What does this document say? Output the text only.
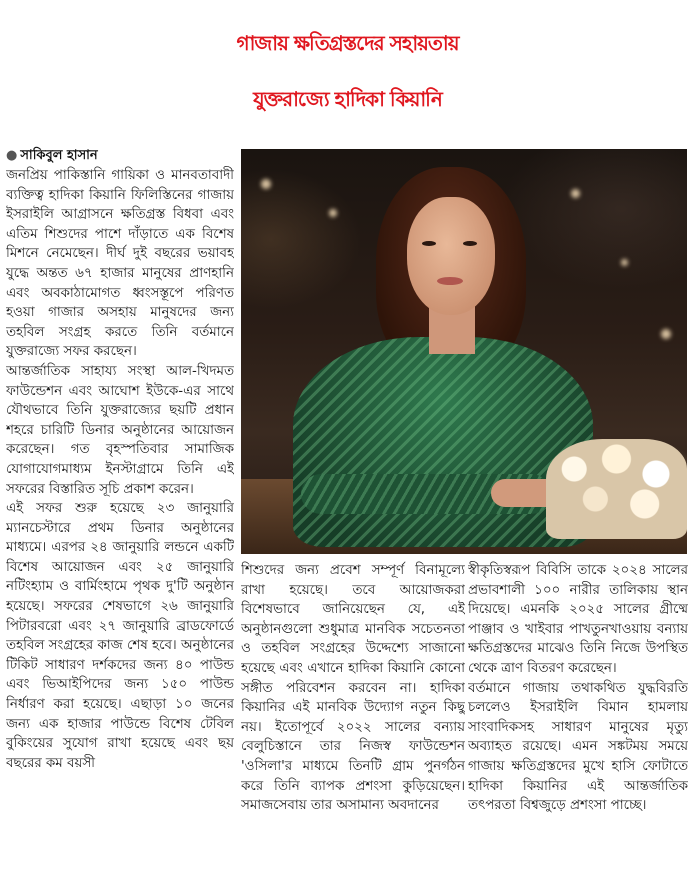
গাজায় ক্ষতিগ্রস্তদের সহায়তায়
যুক্তরাজ্যে হাদিকা কিয়ানি
● সাকিবুল হাসান

জনপ্রিয় পাকিস্তানি গায়িকা ও মানবতাবাদী ব্যক্তিত্ব হাদিকা কিয়ানি ফিলিস্তিনের গাজায় ইসরাইলি আগ্রাসনে ক্ষতিগ্রস্ত বিধবা এবং এতিম শিশুদের পাশে দাঁড়াতে এক বিশেষ মিশনে নেমেছেন। দীর্ঘ দুই বছরের ভয়াবহ যুদ্ধে অন্তত ৬৭ হাজার মানুষের প্রাণহানি এবং অবকাঠামোগত ধ্বংসস্তূপে পরিণত হওয়া গাজার অসহায় মানুষদের জন্য তহবিল সংগ্রহ করতে তিনি বর্তমানে যুক্তরাজ্যে সফর করছেন।

আন্তর্জাতিক সাহায্য সংস্থা আল-খিদমত ফাউন্ডেশন এবং আঘোশ ইউকে-এর সাথে যৌথভাবে তিনি যুক্তরাজ্যের ছয়টি প্রধান শহরে চারিটি ডিনার অনুষ্ঠানের আয়োজন করেছেন। গত বৃহস্পতিবার সামাজিক যোগাযোগমাধ্যম ইনস্টাগ্রামে তিনি এই সফরের বিস্তারিত সূচি প্রকাশ করেন।

এই সফর শুরু হয়েছে ২৩ জানুয়ারি ম্যানচেস্টারে প্রথম ডিনার অনুষ্ঠানের মাধ্যমে। এরপর ২৪ জানুয়ারি লন্ডনে একটি বিশেষ আয়োজন এবং ২৫ জানুয়ারি নটিংহ্যাম ও বার্মিংহামে পৃথক দু'টি অনুষ্ঠান হয়েছে। সফরের শেষভাগে ২৬ জানুয়ারি পিটারবরো এবং ২৭ জানুয়ারি ব্রাডফোর্ডে তহবিল সংগ্রহের কাজ শেষ হবে। অনুষ্ঠানের টিকিট সাধারণ দর্শকদের জন্য ৪০ পাউন্ড এবং ভিআইপিদের জন্য ১৫০ পাউন্ড নির্ধারণ করা হয়েছে। এছাড়া ১০ জনের জন্য এক হাজার পাউন্ডে বিশেষ টেবিল বুকিংয়ের সুযোগ রাখা হয়েছে এবং ছয় বছরের কম বয়সী

শিশুদের জন্য প্রবেশ সম্পূর্ণ বিনামূল্যে রাখা হয়েছে। তবে আয়োজকরা বিশেষভাবে জানিয়েছেন যে, এই অনুষ্ঠানগুলো শুধুমাত্র মানবিক সচেতনতা ও তহবিল সংগ্রহের উদ্দেশ্যে সাজানো হয়েছে এবং এখানে হাদিকা কিয়ানি কোনো সঙ্গীত পরিবেশন করবেন না। হাদিকা কিয়ানির এই মানবিক উদ্যোগ নতুন কিছু নয়। ইতোপূর্বে ২০২২ সালের বন্যায় বেলুচিস্তানে তার নিজস্ব ফাউন্ডেশন 'ওসিলা'র মাধ্যমে তিনটি গ্রাম পুনর্গঠন করে তিনি ব্যাপক প্রশংসা কুড়িয়েছেন। সমাজসেবায় তার অসামান্য অবদানের

স্বীকৃতিস্বরূপ বিবিসি তাকে ২০২৪ সালের প্রভাবশালী ১০০ নারীর তালিকায় স্থান দিয়েছে। এমনকি ২০২৫ সালের গ্রীষ্মে পাঞ্জাব ও খাইবার পাখতুনখাওয়ায় বন্যায় ক্ষতিগ্রস্তদের মাঝেও তিনি নিজে উপস্থিত থেকে ত্রাণ বিতরণ করেছেন।

বর্তমানে গাজায় তথাকথিত যুদ্ধবিরতি চললেও ইসরাইলি বিমান হামলায় সাংবাদিকসহ সাধারণ মানুষের মৃত্যু অব্যাহত রয়েছে। এমন সঙ্কটময় সময়ে গাজায় ক্ষতিগ্রস্তদের মুখে হাসি ফোটাতে হাদিকা কিয়ানির এই আন্তর্জাতিক তৎপরতা বিশ্বজুড়ে প্রশংসা পাচ্ছে।
